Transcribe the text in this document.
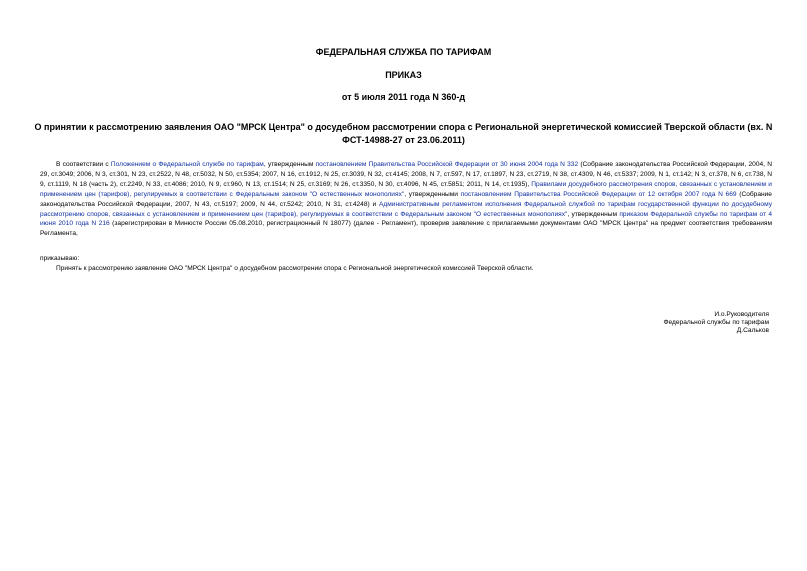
ФЕДЕРАЛЬНАЯ СЛУЖБА ПО ТАРИФАМ
ПРИКАЗ
от 5 июля 2011 года N 360-д
О принятии к рассмотрению заявления ОАО "МРСК Центра" о досудебном рассмотрении спора с Региональной энергетической комиссией Тверской области (вх. N ФСТ-14988-27 от 23.06.2011)

В соответствии с Положением о Федеральной службе по тарифам, утвержденным постановлением Правительства Российской Федерации от 30 июня 2004 года N 332 (Собрание законодательства Российской Федерации, 2004, N 29, ст.3049; 2006, N 3, ст.301, N 23, ст.2522, N 48, ст.5032, N 50, ст.5354; 2007, N 16, ст.1912, N 25, ст.3039, N 32, ст.4145; 2008, N 7, ст.597, N 17, ст.1897, N 23, ст.2719, N 38, ст.4309, N 46, ст.5337; 2009, N 1, ст.142; N 3, ст.378, N 6, ст.738, N 9, ст.1119, N 18 (часть 2), ст.2249, N 33, ст.4086; 2010, N 9, ст.960, N 13, ст.1514; N 25, ст.3169; N 26, ст.3350, N 30, ст.4096, N 45, ст.5851; 2011, N 14, ст.1935), Правилами досудебного рассмотрения споров, связанных с установлением и применением цен (тарифов), регулируемых в соответствии с Федеральным законом "О естественных монополиях", утвержденными постановлением Правительства Российской Федерации от 12 октября 2007 года N 669 (Собрание законодательства Российской Федерации, 2007, N 43, ст.5197; 2009, N 44, ст.5242; 2010, N 31, ст.4248) и Административным регламентом исполнения Федеральной службой по тарифам государственной функции по досудебному рассмотрению споров, связанных с установлением и применением цен (тарифов), регулируемых в соответствии с Федеральным законом "О естественных монополиях", утвержденным приказом Федеральной службы по тарифам от 4 июня 2010 года N 216 (зарегистрирован в Минюсте России 05.08.2010, регистрационный N 18077) (далее - Регламент), проверив заявление с прилагаемыми документами ОАО "МРСК Центра" на предмет соответствия требованиям Регламента,

приказываю:

Принять к рассмотрению заявление ОАО "МРСК Центра" о досудебном рассмотрении спора с Региональной энергетической комиссией Тверской области.

И.о.Руководителя
Федеральной службы по тарифам
Д.Сальков
